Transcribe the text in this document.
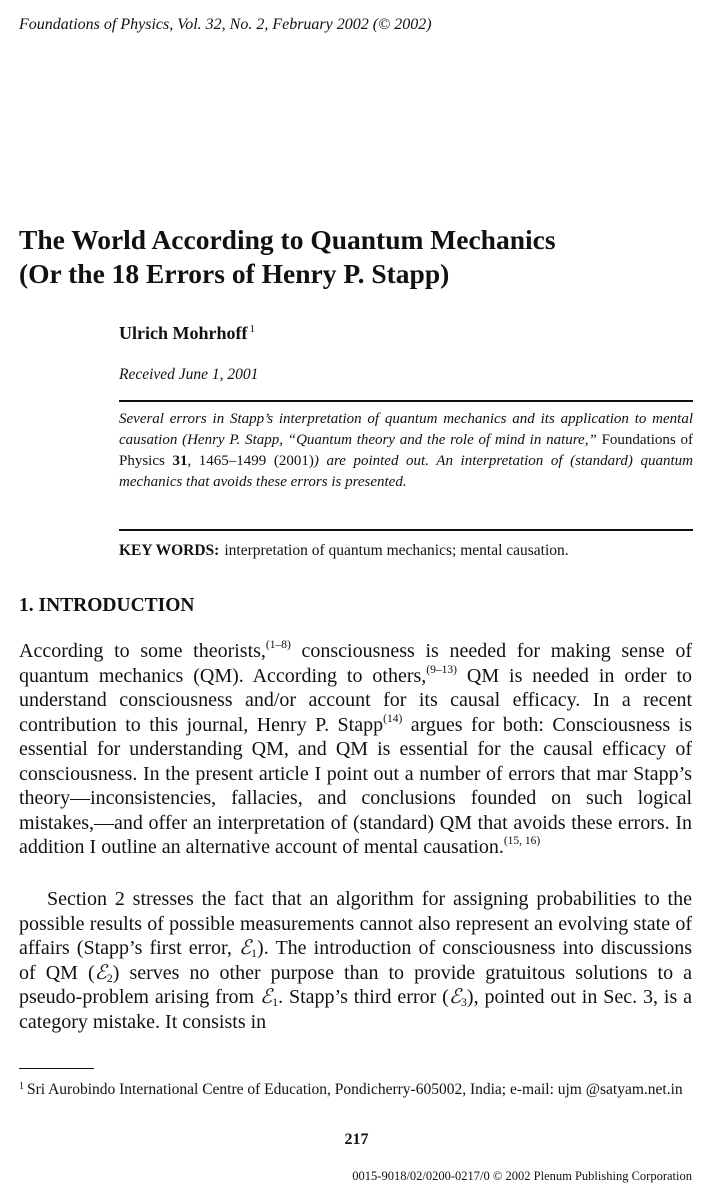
Foundations of Physics, Vol. 32, No. 2, February 2002 (© 2002)
The World According to Quantum Mechanics
(Or the 18 Errors of Henry P. Stapp)
Ulrich Mohrhoff $^1$
Received June 1, 2001
Several errors in Stapp’s interpretation of quantum mechanics and its application to mental causation (Henry P. Stapp, “Quantum theory and the role of mind in nature,” Foundations of Physics 31, 1465–1499 (2001)) are pointed out. An interpretation of (standard) quantum mechanics that avoids these errors is presented.
KEY WORDS: interpretation of quantum mechanics; mental causation.
1. INTRODUCTION

According to some theorists,$^{(1-8)}$ consciousness is needed for making sense of quantum mechanics (QM). According to others,$^{(9-13)}$ QM is needed in order to understand consciousness and/or account for its causal efficacy. In a recent contribution to this journal, Henry P. Stapp$^{(14)}$ argues for both: Consciousness is essential for understanding QM, and QM is essential for the causal efficacy of consciousness. In the present article I point out a number of errors that mar Stapp’s theory—inconsistencies, fallacies, and conclusions founded on such logical mistakes,—and offer an interpretation of (standard) QM that avoids these errors. In addition I outline an alternative account of mental causation.$^{(15, 16)}$

Section 2 stresses the fact that an algorithm for assigning probabilities to the possible results of possible measurements cannot also represent an evolving state of affairs (Stapp’s first error, ℰ$_1$). The introduction of consciousness into discussions of QM (ℰ$_2$) serves no other purpose than to provide gratuitous solutions to a pseudo-problem arising from ℰ$_1$. Stapp’s third error (ℰ$_3$), pointed out in Sec. 3, is a category mistake. It consists in

$^1$ Sri Aurobindo International Centre of Education, Pondicherry-605002, India; e-mail: ujm @satyam.net.in
217
0015-9018/02/0200-0217/0 © 2002 Plenum Publishing Corporation
